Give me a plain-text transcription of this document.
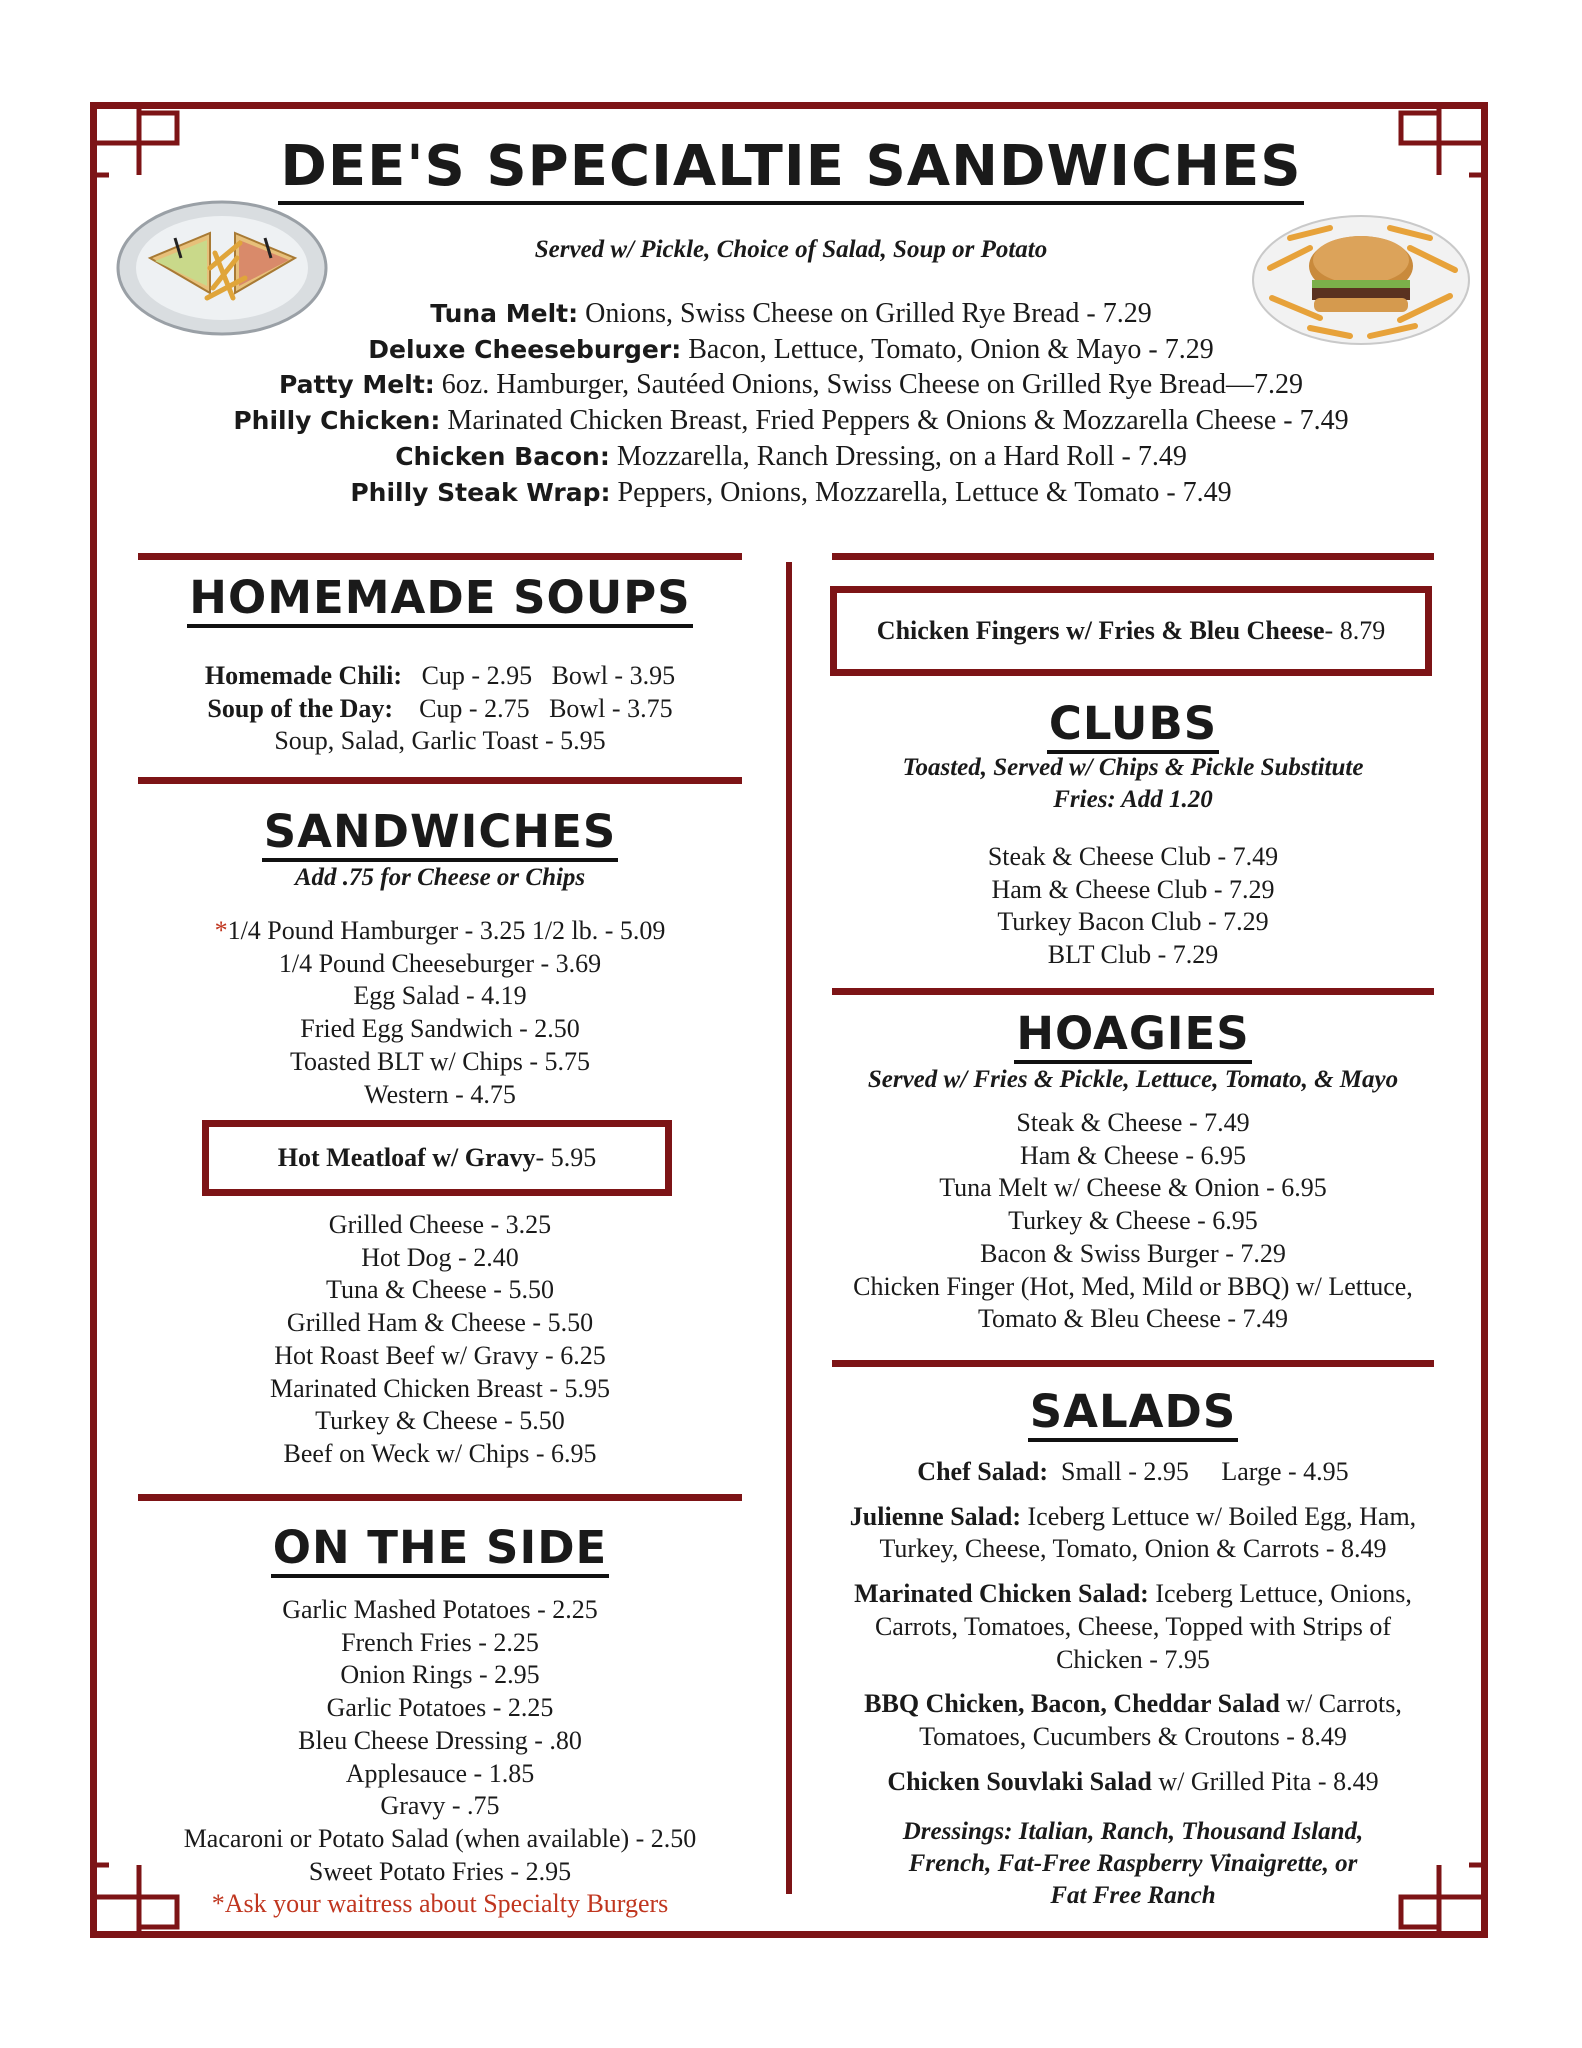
DEE'S SPECIALTIE SANDWICHES
Served w/ Pickle, Choice of Salad, Soup or Potato
Tuna Melt: Onions, Swiss Cheese on Grilled Rye Bread - 7.29
Deluxe Cheeseburger: Bacon, Lettuce, Tomato, Onion & Mayo - 7.29
Patty Melt: 6oz. Hamburger, Sautéed Onions, Swiss Cheese on Grilled Rye Bread—7.29
Philly Chicken: Marinated Chicken Breast, Fried Peppers & Onions & Mozzarella Cheese - 7.49
Chicken Bacon: Mozzarella, Ranch Dressing, on a Hard Roll - 7.49
Philly Steak Wrap: Peppers, Onions, Mozzarella, Lettuce & Tomato - 7.49
HOMEMADE SOUPS
Homemade Chili: Cup - 2.95 Bowl - 3.95
Soup of the Day: Cup - 2.75 Bowl - 3.75
Soup, Salad, Garlic Toast - 5.95
SANDWICHES
Add .75 for Cheese or Chips
*1/4 Pound Hamburger - 3.25 1/2 lb. - 5.09
1/4 Pound Cheeseburger - 3.69
Egg Salad - 4.19
Fried Egg Sandwich - 2.50
Toasted BLT w/ Chips - 5.75
Western - 4.75
Hot Meatloaf w/ Gravy - 5.95
Grilled Cheese - 3.25
Hot Dog - 2.40
Tuna & Cheese - 5.50
Grilled Ham & Cheese - 5.50
Hot Roast Beef w/ Gravy - 6.25
Marinated Chicken Breast - 5.95
Turkey & Cheese - 5.50
Beef on Weck w/ Chips - 6.95
ON THE SIDE
Garlic Mashed Potatoes - 2.25
French Fries - 2.25
Onion Rings - 2.95
Garlic Potatoes - 2.25
Bleu Cheese Dressing - .80
Applesauce - 1.85
Gravy - .75
Macaroni or Potato Salad (when available) - 2.50
Sweet Potato Fries - 2.95
*Ask your waitress about Specialty Burgers
Chicken Fingers w/ Fries & Bleu Cheese - 8.79
CLUBS
Toasted, Served w/ Chips & Pickle Substitute
Fries: Add 1.20
Steak & Cheese Club - 7.49
Ham & Cheese Club - 7.29
Turkey Bacon Club - 7.29
BLT Club - 7.29
HOAGIES
Served w/ Fries & Pickle, Lettuce, Tomato, & Mayo
Steak & Cheese - 7.49
Ham & Cheese - 6.95
Tuna Melt w/ Cheese & Onion - 6.95
Turkey & Cheese - 6.95
Bacon & Swiss Burger - 7.29
Chicken Finger (Hot, Med, Mild or BBQ) w/ Lettuce,
Tomato & Bleu Cheese - 7.49
SALADS
Chef Salad:  Small - 2.95     Large - 4.95
Julienne Salad: Iceberg Lettuce w/ Boiled Egg, Ham,
Turkey, Cheese, Tomato, Onion & Carrots - 8.49
Marinated Chicken Salad: Iceberg Lettuce, Onions,
Carrots, Tomatoes, Cheese, Topped with Strips of
Chicken - 7.95
BBQ Chicken, Bacon, Cheddar Salad w/ Carrots,
Tomatoes, Cucumbers & Croutons - 8.49
Chicken Souvlaki Salad w/ Grilled Pita - 8.49
Dressings: Italian, Ranch, Thousand Island,
French, Fat-Free Raspberry Vinaigrette, or
Fat Free Ranch
